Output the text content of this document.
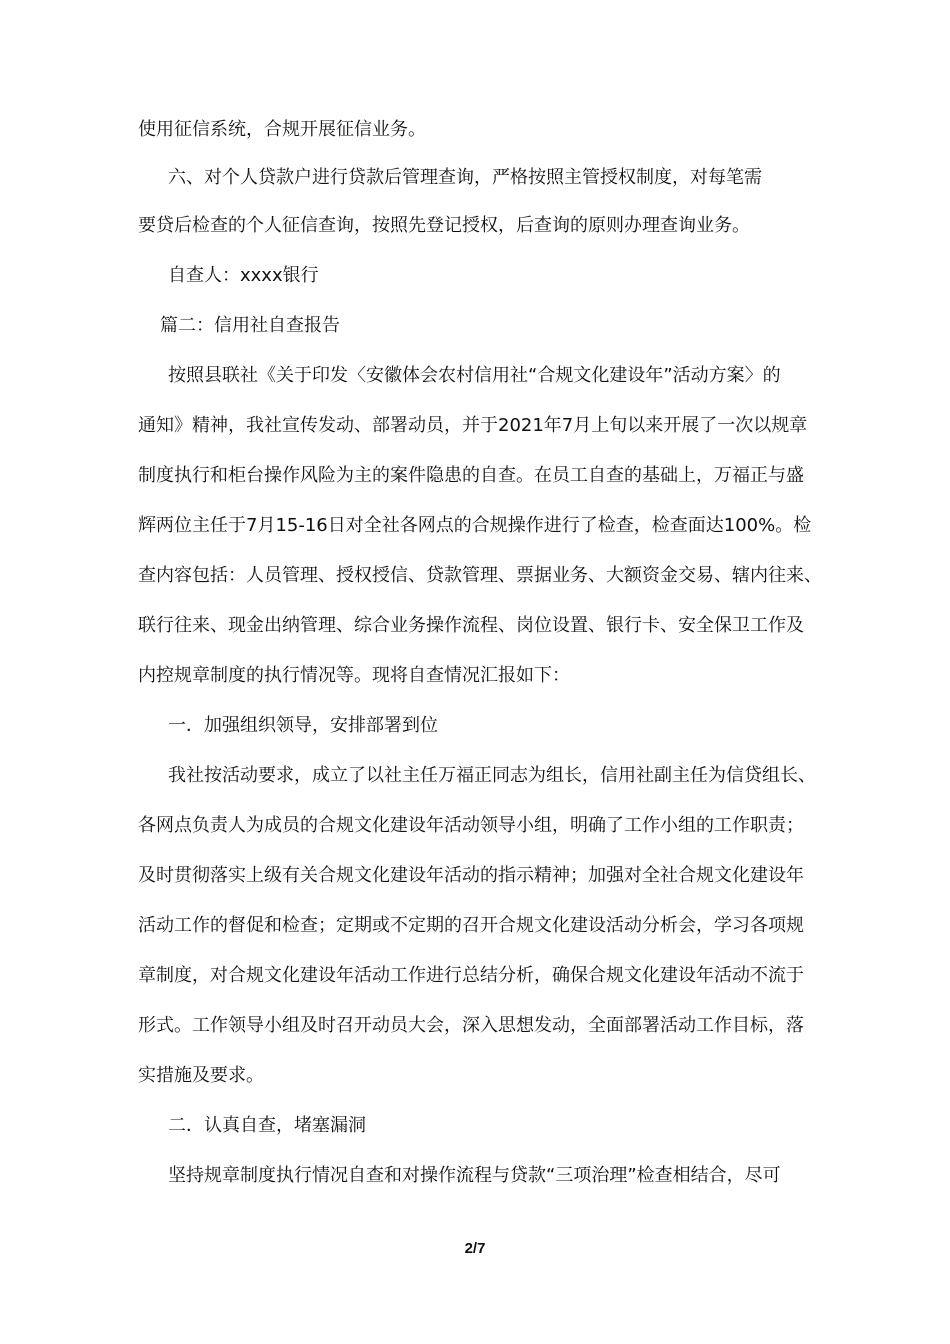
使用征信系统，合规开展征信业务。
六、对个人贷款户进行贷款后管理查询，严格按照主管授权制度，对每笔需
要贷后检查的个人征信查询，按照先登记授权，后查询的原则办理查询业务。
自查人：xxxx银行
篇二：信用社自查报告
按照县联社《关于印发〈安徽体会农村信用社“合规文化建设年”活动方案〉的
通知》精神，我社宣传发动、部署动员，并于2021年7月上旬以来开展了一次以规章
制度执行和柜台操作风险为主的案件隐患的自查。在员工自查的基础上，万福正与盛
辉两位主任于7月15-16日对全社各网点的合规操作进行了检查，检查面达100%。检
查内容包括：人员管理、授权授信、贷款管理、票据业务、大额资金交易、辖内往来、
联行往来、现金出纳管理、综合业务操作流程、岗位设置、银行卡、安全保卫工作及
内控规章制度的执行情况等。现将自查情况汇报如下：
一．加强组织领导，安排部署到位
我社按活动要求，成立了以社主任万福正同志为组长，信用社副主任为信贷组长、
各网点负责人为成员的合规文化建设年活动领导小组，明确了工作小组的工作职责；
及时贯彻落实上级有关合规文化建设年活动的指示精神；加强对全社合规文化建设年
活动工作的督促和检查；定期或不定期的召开合规文化建设活动分析会，学习各项规
章制度，对合规文化建设年活动工作进行总结分析，确保合规文化建设年活动不流于
形式。工作领导小组及时召开动员大会，深入思想发动，全面部署活动工作目标，落
实措施及要求。
二．认真自查，堵塞漏洞
坚持规章制度执行情况自查和对操作流程与贷款“三项治理”检查相结合，尽可
2/7
